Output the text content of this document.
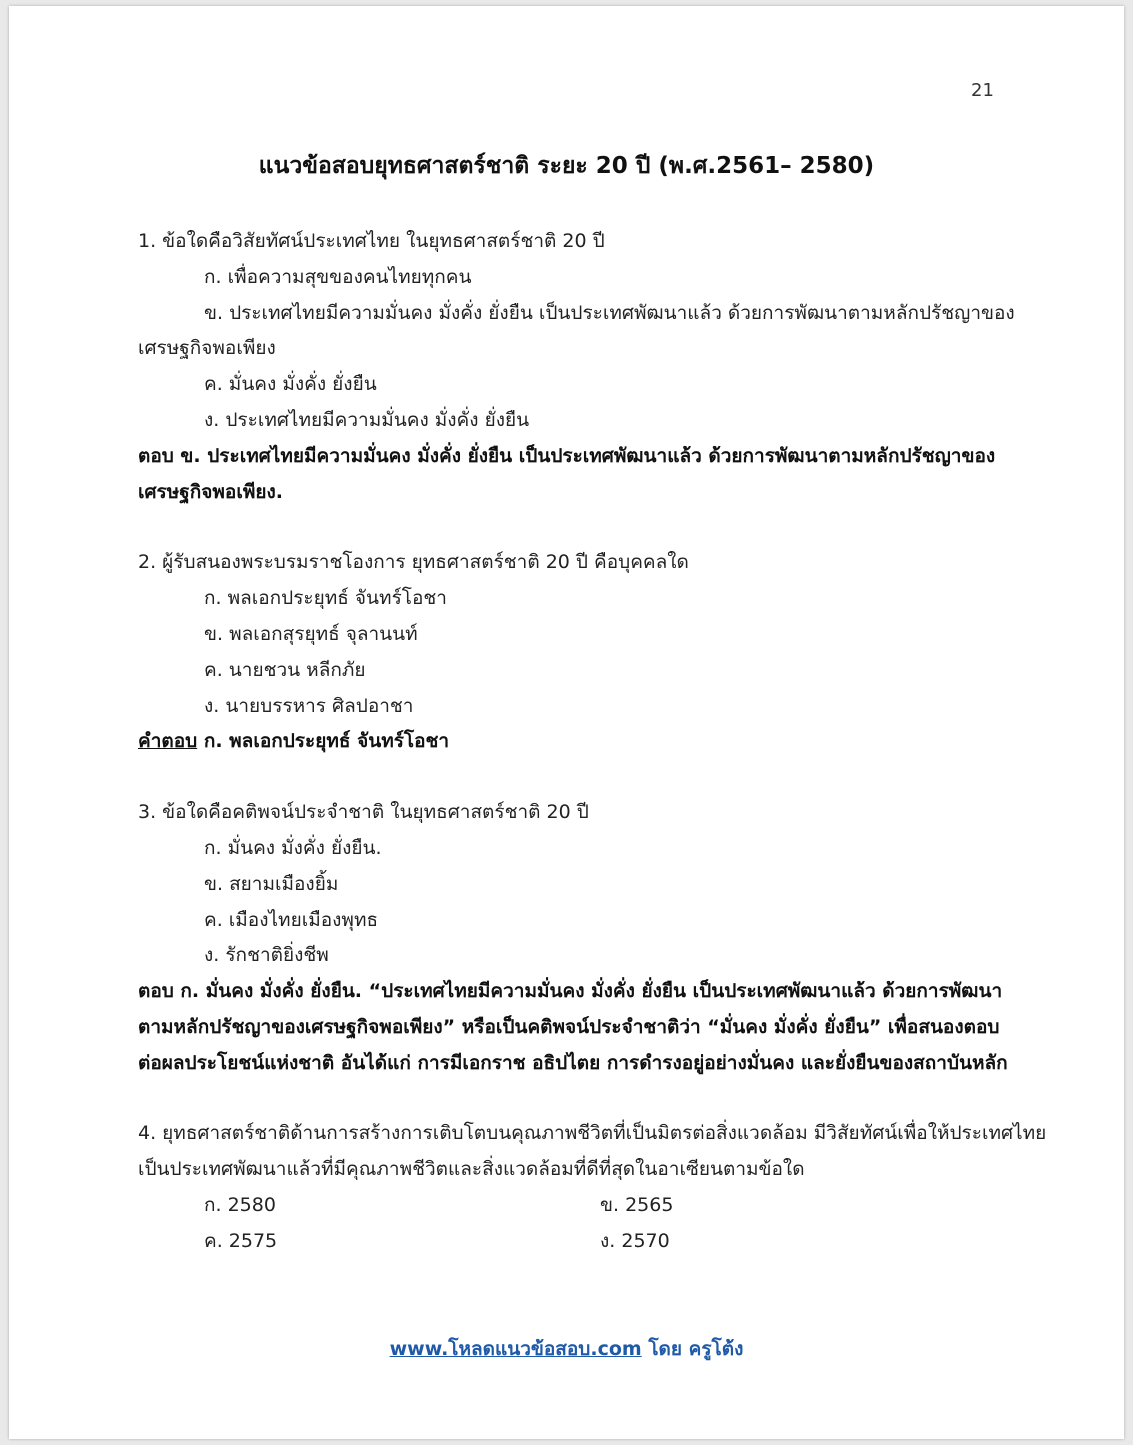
21
แนวข้อสอบยุทธศาสตร์ชาติ ระยะ 20 ปี (พ.ศ.2561– 2580)
1. ข้อใดคือวิสัยทัศน์ประเทศไทย ในยุทธศาสตร์ชาติ 20 ปี
ก. เพื่อความสุขของคนไทยทุกคน
ข. ประเทศไทยมีความมั่นคง มั่งคั่ง ยั่งยืน เป็นประเทศพัฒนาแล้ว ด้วยการพัฒนาตามหลักปรัชญาของ
เศรษฐกิจพอเพียง
ค. มั่นคง มั่งคั่ง ยั่งยืน
ง. ประเทศไทยมีความมั่นคง มั่งคั่ง ยั่งยืน
ตอบ ข. ประเทศไทยมีความมั่นคง มั่งคั่ง ยั่งยืน เป็นประเทศพัฒนาแล้ว ด้วยการพัฒนาตามหลักปรัชญาของ
เศรษฐกิจพอเพียง.
2. ผู้รับสนองพระบรมราชโองการ ยุทธศาสตร์ชาติ 20 ปี คือบุคคลใด
ก. พลเอกประยุทธ์ จันทร์โอชา
ข. พลเอกสุรยุทธ์ จุลานนท์
ค. นายชวน หลีกภัย
ง. นายบรรหาร ศิลปอาชา
คำตอบ ก. พลเอกประยุทธ์ จันทร์โอชา
3. ข้อใดคือคติพจน์ประจำชาติ ในยุทธศาสตร์ชาติ 20 ปี
ก. มั่นคง มั่งคั่ง ยั่งยืน.
ข. สยามเมืองยิ้ม
ค. เมืองไทยเมืองพุทธ
ง. รักชาติยิ่งชีพ
ตอบ ก. มั่นคง มั่งคั่ง ยั่งยืน. “ประเทศไทยมีความมั่นคง มั่งคั่ง ยั่งยืน เป็นประเทศพัฒนาแล้ว ด้วยการพัฒนา
ตามหลักปรัชญาของเศรษฐกิจพอเพียง” หรือเป็นคติพจน์ประจำชาติว่า “มั่นคง มั่งคั่ง ยั่งยืน” เพื่อสนองตอบ
ต่อผลประโยชน์แห่งชาติ อันได้แก่ การมีเอกราช อธิปไตย การดำรงอยู่อย่างมั่นคง และยั่งยืนของสถาบันหลัก
4. ยุทธศาสตร์ชาติด้านการสร้างการเติบโตบนคุณภาพชีวิตที่เป็นมิตรต่อสิ่งแวดล้อม มีวิสัยทัศน์เพื่อให้ประเทศไทย
เป็นประเทศพัฒนาแล้วที่มีคุณภาพชีวิตและสิ่งแวดล้อมที่ดีที่สุดในอาเซียนตามข้อใด
ก. 2580	ข. 2565
ค. 2575	ง. 2570
www.โหลดแนวข้อสอบ.com โดย ครูโต้ง
